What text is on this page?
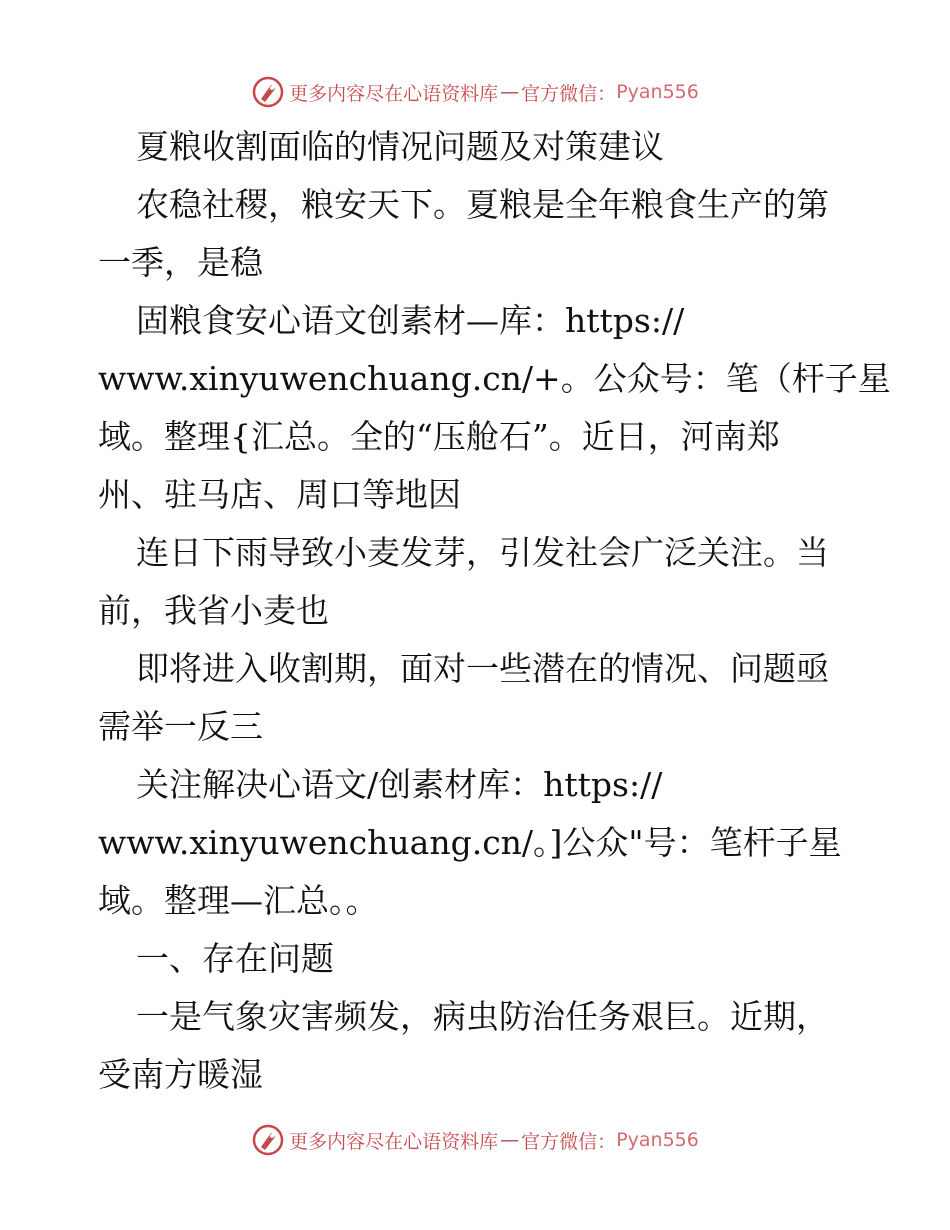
更多内容尽在心语资料库 — 官方微信： Pyan556
夏粮收割面临的情况问题及对策建议
农稳社稷，粮安天下。夏粮是全年粮食生产的第
一季，是稳
固粮食安心语文创素材—库：https://
www.xinyuwenchuang.cn/+。公众号：笔（杆子星
域。整理{汇总。全的“压舱石”。近日，河南郑
州、驻马店、周口等地因
连日下雨导致小麦发芽，引发社会广泛关注。当
前，我省小麦也
即将进入收割期，面对一些潜在的情况、问题亟
需举一反三
关注解决心语文/创素材库：https://
www.xinyuwenchuang.cn/。]公众"号：笔杆子星
域。整理—汇总。。
一、存在问题
一是气象灾害频发，病虫防治任务艰巨。近期，
受南方暖湿
更多内容尽在心语资料库 — 官方微信： Pyan556
